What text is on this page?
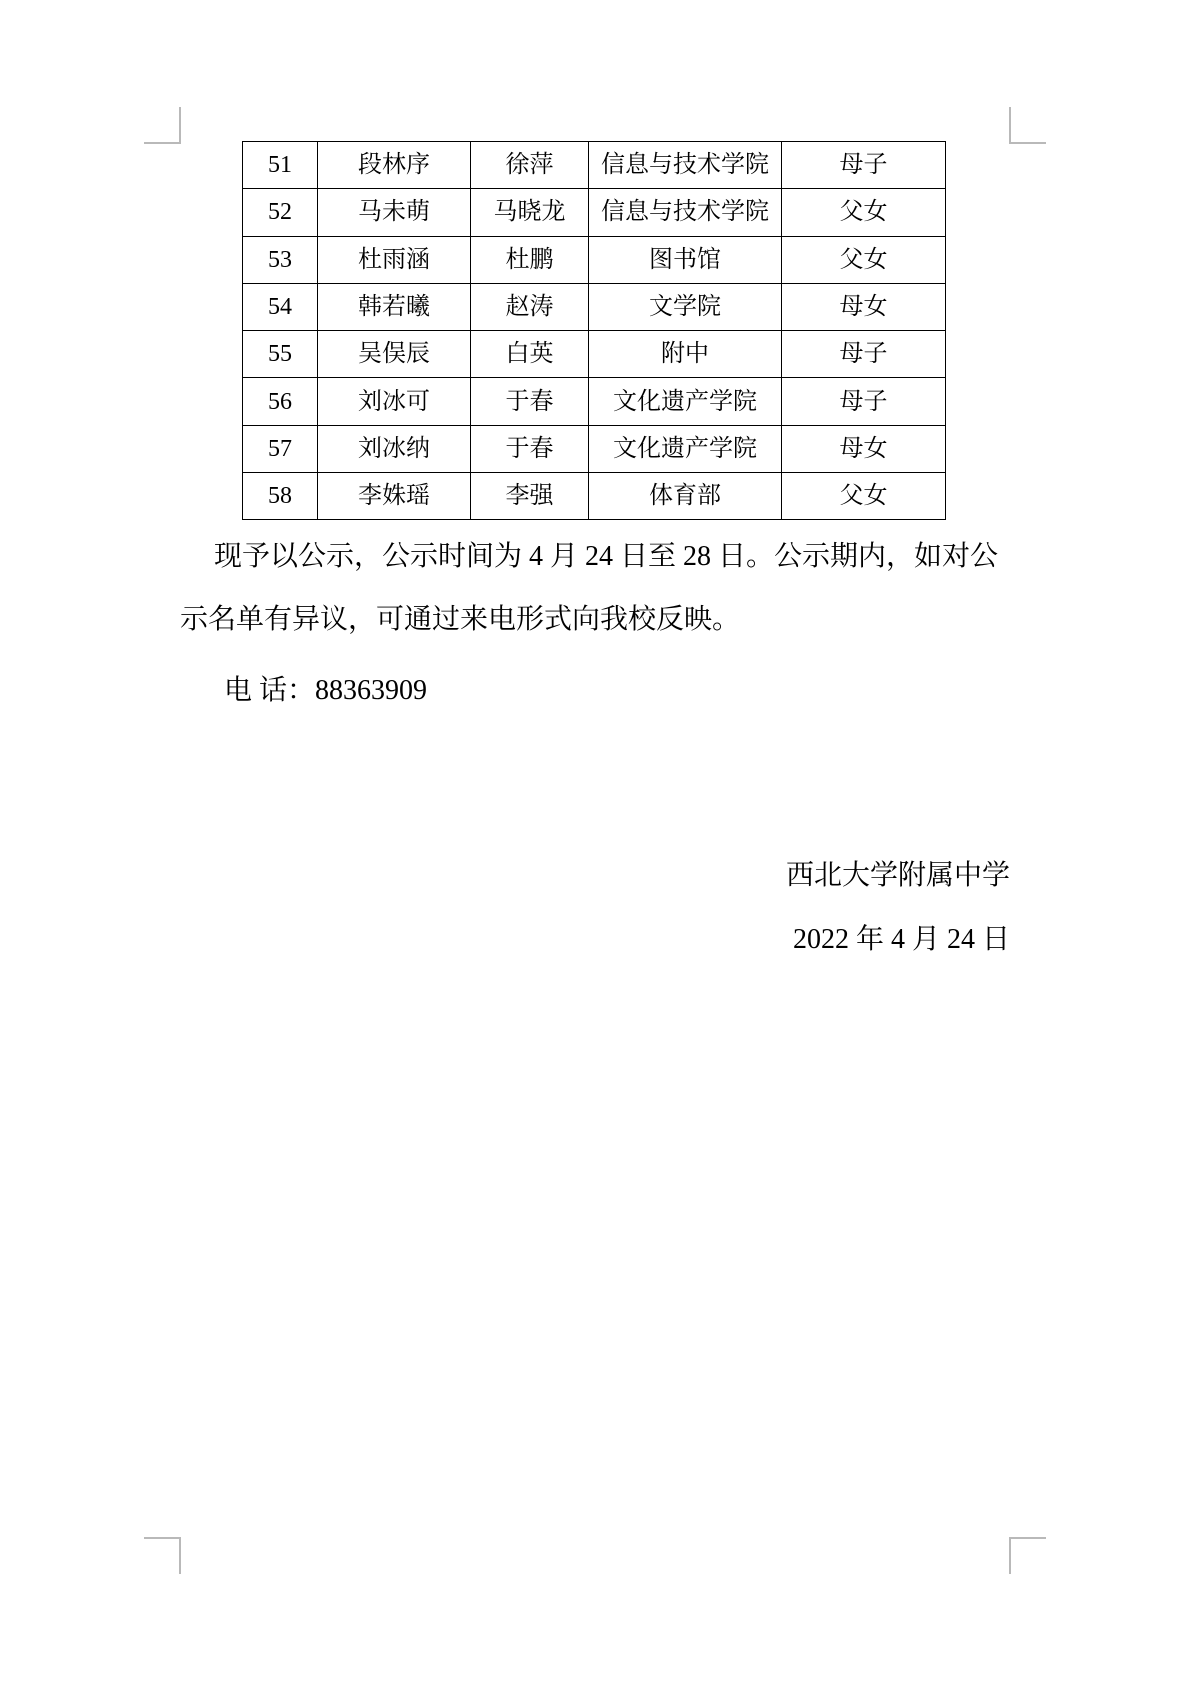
51	段林序	徐萍	信息与技术学院	母子
52	马未萌	马晓龙	信息与技术学院	父女
53	杜雨涵	杜鹏	图书馆	父女
54	韩若曦	赵涛	文学院	母女
55	吴俣辰	白英	附中	母子
56	刘冰可	于春	文化遗产学院	母子
57	刘冰纳	于春	文化遗产学院	母女
58	李姝瑶	李强	体育部	父女
现予以公示，公示时间为 4 月 24 日至 28 日。公示期内，如对公
示名单有异议，可通过来电形式向我校反映。
电 话：88363909
西北大学附属中学
2022 年 4 月 24 日
